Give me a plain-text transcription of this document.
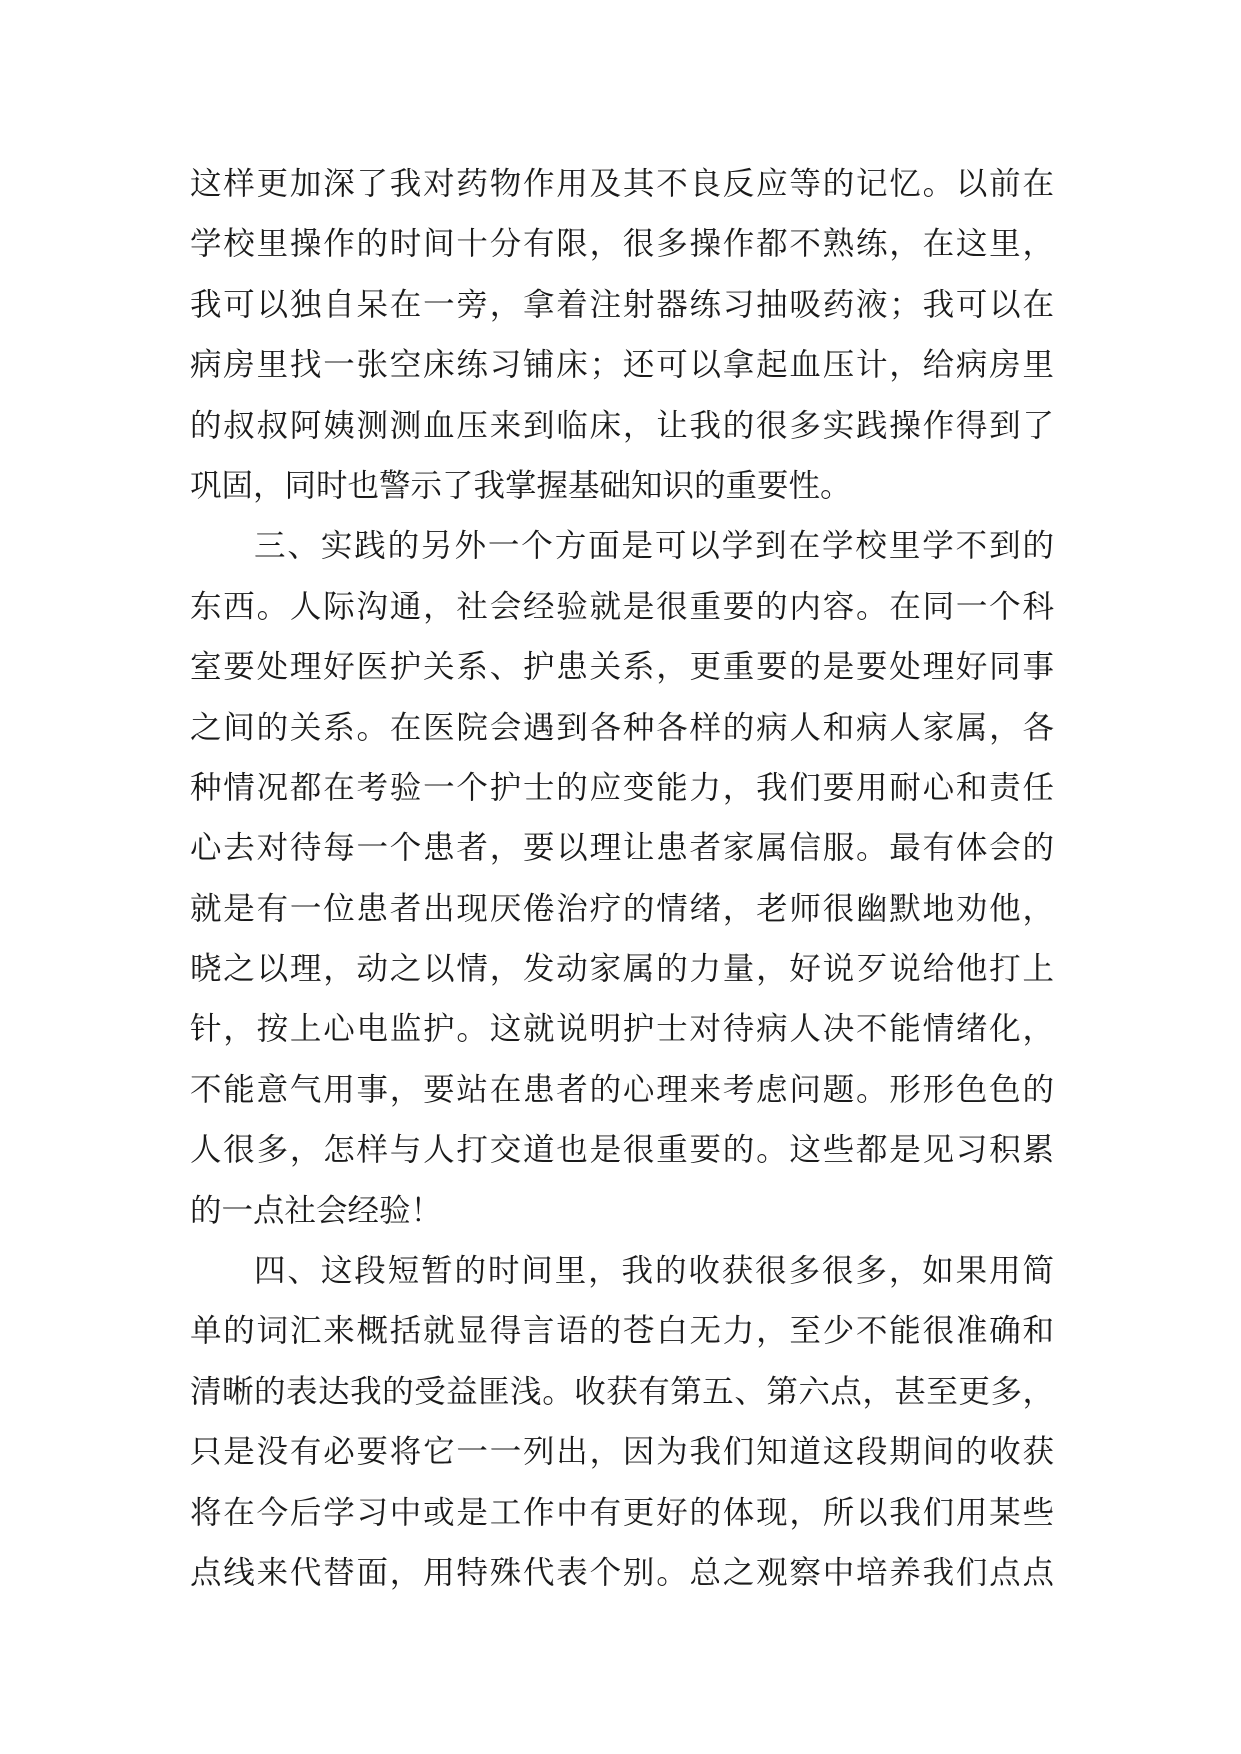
这样更加深了我对药物作用及其不良反应等的记忆。以前在
学校里操作的时间十分有限，很多操作都不熟练，在这里，
我可以独自呆在一旁，拿着注射器练习抽吸药液；我可以在
病房里找一张空床练习铺床；还可以拿起血压计，给病房里
的叔叔阿姨测测血压来到临床，让我的很多实践操作得到了
巩固，同时也警示了我掌握基础知识的重要性。
三、实践的另外一个方面是可以学到在学校里学不到的
东西。人际沟通，社会经验就是很重要的内容。在同一个科
室要处理好医护关系、护患关系，更重要的是要处理好同事
之间的关系。在医院会遇到各种各样的病人和病人家属，各
种情况都在考验一个护士的应变能力，我们要用耐心和责任
心去对待每一个患者，要以理让患者家属信服。最有体会的
就是有一位患者出现厌倦治疗的情绪，老师很幽默地劝他，
晓之以理，动之以情，发动家属的力量，好说歹说给他打上
针，按上心电监护。这就说明护士对待病人决不能情绪化，
不能意气用事，要站在患者的心理来考虑问题。形形色色的
人很多，怎样与人打交道也是很重要的。这些都是见习积累
的一点社会经验！
四、这段短暂的时间里，我的收获很多很多，如果用简
单的词汇来概括就显得言语的苍白无力，至少不能很准确和
清晰的表达我的受益匪浅。收获有第五、第六点，甚至更多，
只是没有必要将它一一列出，因为我们知道这段期间的收获
将在今后学习中或是工作中有更好的体现，所以我们用某些
点线来代替面，用特殊代表个别。总之观察中培养我们点点
